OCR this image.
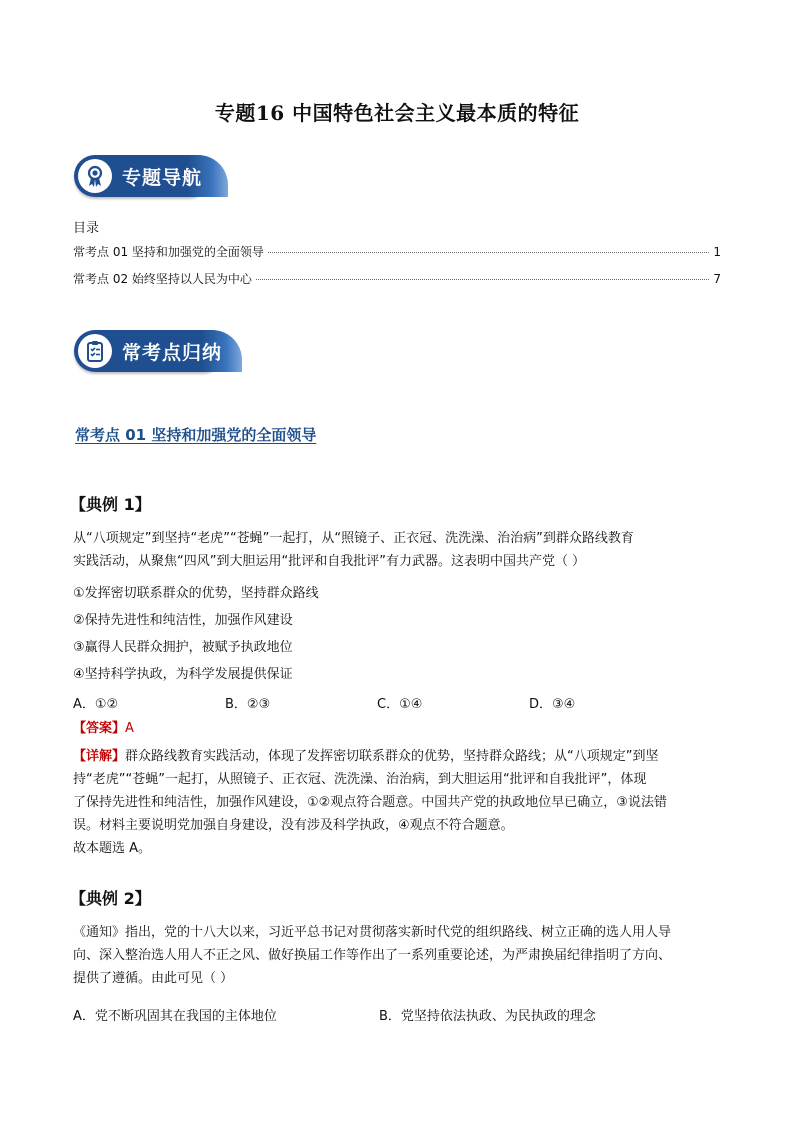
专题16 中国特色社会主义最本质的特征
专题导航
目录
常考点 01 坚持和加强党的全面领导	1
常考点 02 始终坚持以人民为中心	7
常考点归纳
常考点 01 坚持和加强党的全面领导
【典例 1】
从“八项规定”到坚持“老虎”“苍蝇”一起打，从“照镜子、正衣冠、洗洗澡、治治病”到群众路线教育
实践活动，从聚焦“四风”到大胆运用“批评和自我批评”有力武器。这表明中国共产党（ ）
①发挥密切联系群众的优势，坚持群众路线
②保持先进性和纯洁性，加强作风建设
③赢得人民群众拥护，被赋予执政地位
④坚持科学执政，为科学发展提供保证
A．①②	B．②③	C．①④	D．③④
【答案】A
【详解】群众路线教育实践活动，体现了发挥密切联系群众的优势，坚持群众路线；从“八项规定”到坚
持“老虎”“苍蝇”一起打，从照镜子、正衣冠、洗洗澡、治治病，到大胆运用“批评和自我批评”，体现
了保持先进性和纯洁性，加强作风建设，①②观点符合题意。中国共产党的执政地位早已确立，③说法错
误。材料主要说明党加强自身建设，没有涉及科学执政，④观点不符合题意。
故本题选 A。
【典例 2】
《通知》指出，党的十八大以来，习近平总书记对贯彻落实新时代党的组织路线、树立正确的选人用人导
向、深入整治选人用人不正之风、做好换届工作等作出了一系列重要论述，为严肃换届纪律指明了方向、
提供了遵循。由此可见（ ）
A．党不断巩固其在我国的主体地位	B．党坚持依法执政、为民执政的理念
